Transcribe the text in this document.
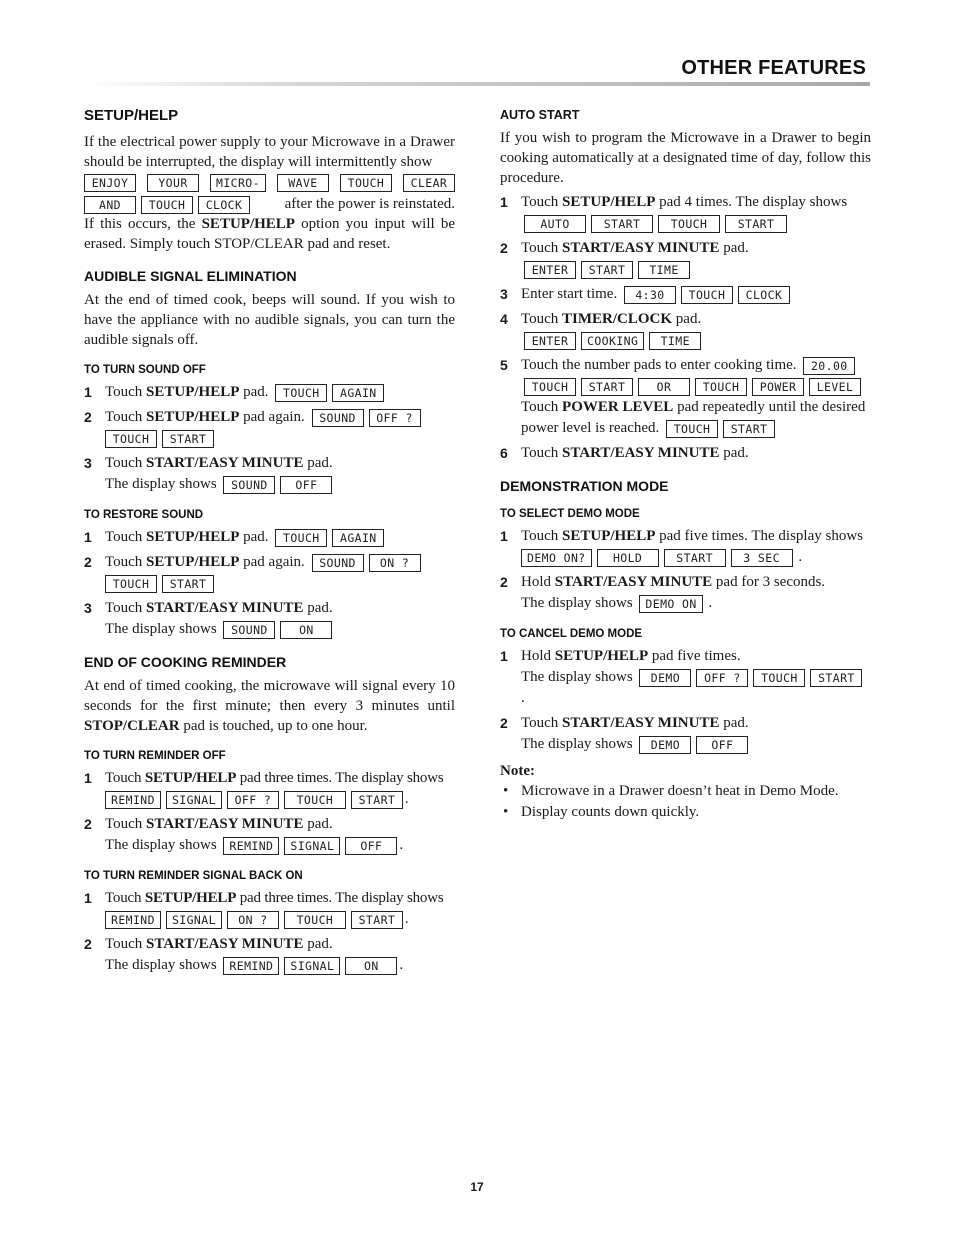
OTHER FEATURES
SETUP/HELP
If the electrical power supply to your Microwave in a Drawer should be interrupted, the display will intermittently show
ENJOY	YOUR	MICRO-	WAVE	TOUCH	CLEAR
AND TOUCH CLOCK	after the power is reinstated.
If this occurs, the SETUP/HELP option you input will be erased. Simply touch STOP/CLEAR pad and reset.
AUDIBLE SIGNAL ELIMINATION
At the end of timed cook, beeps will sound. If you wish to have the appliance with no audible signals, you can turn the audible signals off.
TO TURN SOUND OFF
1 Touch SETUP/HELP pad. TOUCH AGAIN
2 Touch SETUP/HELP pad again. SOUND OFF ?
TOUCH START
3 Touch START/EASY MINUTE pad.
The display shows SOUND OFF
TO RESTORE SOUND
1 Touch SETUP/HELP pad. TOUCH AGAIN
2 Touch SETUP/HELP pad again. SOUND ON ?
TOUCH START
3 Touch START/EASY MINUTE pad.
The display shows SOUND	ON
END OF COOKING REMINDER
At end of timed cooking, the microwave will signal every 10 seconds for the first minute; then every 3 minutes until STOP/CLEAR pad is touched, up to one hour.
TO TURN REMINDER OFF
1 Touch SETUP/HELP pad three times. The display shows
REMIND SIGNAL OFF ? TOUCH START .
2 Touch START/EASY MINUTE pad.
The display shows REMIND SIGNAL OFF .
TO TURN REMINDER SIGNAL BACK ON
1 Touch SETUP/HELP pad three times. The display shows
REMIND SIGNAL ON ?	TOUCH START .
2 Touch START/EASY MINUTE pad.
The display shows REMIND SIGNAL	ON .
AUTO START
If you wish to program the Microwave in a Drawer to begin cooking automatically at a designated time of day, follow this procedure.
1 Touch SETUP/HELP pad 4 times. The display shows
AUTO	START	TOUCH	START
2 Touch START/EASY MINUTE pad.
ENTER START TIME
3 Enter start time. 4:30 TOUCH CLOCK
4 Touch TIMER/CLOCK pad.
ENTER COOKING TIME
5 Touch the number pads to enter cooking time. 20.00
TOUCH START	OR	TOUCH POWER LEVEL
Touch POWER LEVEL pad repeatedly until the desired power level is reached. TOUCH START
6 Touch START/EASY MINUTE pad.
DEMONSTRATION MODE
TO SELECT DEMO MODE
1 Touch SETUP/HELP pad five times. The display shows
DEMO ON? HOLD	START	3 SEC .
2 Hold START/EASY MINUTE pad for 3 seconds.
The display shows DEMO ON .
TO CANCEL DEMO MODE
1 Hold SETUP/HELP pad five times.
The display shows DEMO OFF ? TOUCH START .
2 Touch START/EASY MINUTE pad.
The display shows DEMO	OFF
Note:
• Microwave in a Drawer doesn’t heat in Demo Mode.
• Display counts down quickly.
17
